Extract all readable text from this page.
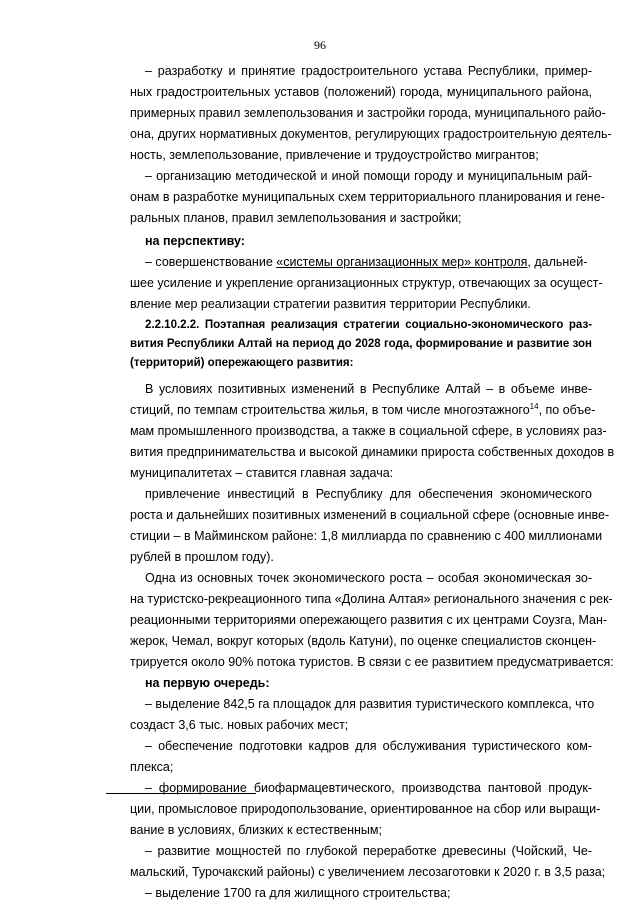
96
– разработку и принятие градостроительного устава Республики, пример-
ных градостроительных уставов (положений) города, муниципального района,
примерных правил землепользования и застройки города, муниципального райо-
она, других нормативных документов, регулирующих градостроительную деятель-
ность, землепользование, привлечение и трудоустройство мигрантов;
– организацию методической и иной помощи городу и муниципальным рай-
онам в разработке муниципальных схем территориального планирования и гене-
ральных планов, правил землепользования и застройки;
на перспективу:
– совершенствование «системы организационных мер» контроля, дальней-
шее усиление и укрепление организационных структур, отвечающих за осущест-
вление мер реализации стратегии развития территории Республики.
2.2.10.2.2. Поэтапная реализация стратегии социально-экономического раз-
вития Республики Алтай на период до 2028 года, формирование и развитие зон
(территорий) опережающего развития:
В условиях позитивных изменений в Республике Алтай – в объеме инве-
стиций, по темпам строительства жилья, в том числе многоэтажного$^{14}$, по объе-
мам промышленного производства, а также в социальной сфере, в условиях раз-
вития предпринимательства и высокой динамики прироста собственных доходов в
муниципалитетах – ставится главная задача:
привлечение инвестиций в Республику для обеспечения экономического
роста и дальнейших позитивных изменений в социальной сфере (основные инве-
стиции – в Майминском районе: 1,8 миллиарда по сравнению с 400 миллионами
рублей в прошлом году).
Одна из основных точек экономического роста – особая экономическая зо-
на туристско-рекреационного типа «Долина Алтая» регионального значения с рек-
реационными территориями опережающего развития с их центрами Соузга, Ман-
жерок, Чемал, вокруг которых (вдоль Катуни), по оценке специалистов сконцен-
трируется около 90% потока туристов. В связи с ее развитием предусматривается:
на первую очередь:
– выделение 842,5 га площадок для развития туристического комплекса, что
создаст 3,6 тыс. новых рабочих мест;
– обеспечение подготовки кадров для обслуживания туристического ком-
плекса;
– формирование биофармацевтического, производства пантовой продук-
ции, промысловое природопользование, ориентированное на сбор или выращи-
вание в условиях, близких к естественным;
– развитие мощностей по глубокой переработке древесины (Чойский, Че-
мальский, Турочакский районы) с увеличением лесозаготовки к 2020 г. в 3,5 раза;
– выделение 1700 га для жилищного строительства;
